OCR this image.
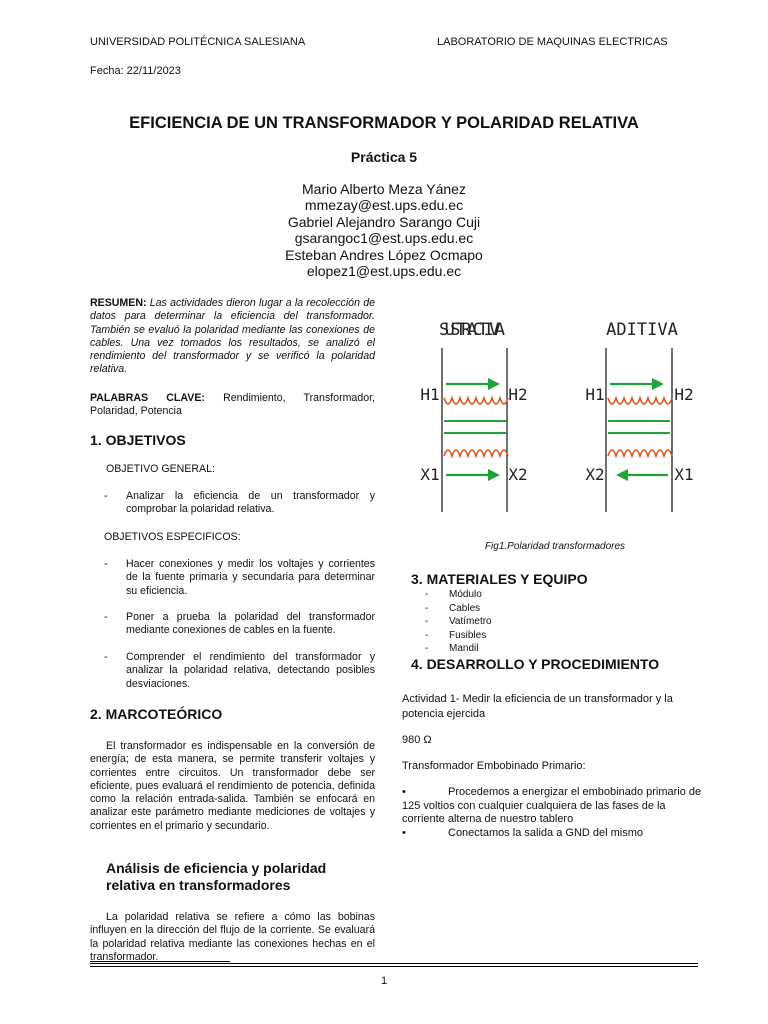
UNIVERSIDAD POLITÉCNICA SALESIANA	LABORATORIO DE MAQUINAS ELECTRICAS
Fecha: 22/11/2023
EFICIENCIA DE UN TRANSFORMADOR Y POLARIDAD RELATIVA
Práctica 5
Mario Alberto Meza Yánez
mmezay@est.ups.edu.ec
Gabriel Alejandro Sarango Cuji
gsarangoc1@est.ups.edu.ec
Esteban Andres López Ocmapo
elopez1@est.ups.edu.ec
RESUMEN: Las actividades dieron lugar a la recolección de datos para determinar la eficiencia del transformador. También se evaluó la polaridad mediante las conexiones de cables. Una vez tomados los resultados, se analizó el rendimiento del transformador y se verificó la polaridad relativa.
PALABRAS CLAVE: Rendimiento, Transformador, Polaridad, Potencia
1. OBJETIVOS
OBJETIVO GENERAL:
- Analizar la eficiencia de un transformador y comprobar la polaridad relativa.
OBJETIVOS ESPECIFICOS:
- Hacer conexiones y medir los voltajes y corrientes de la fuente primaria y secundaria para determinar su eficiencia.
- Poner a prueba la polaridad del transformador mediante conexiones de cables en la fuente.
- Comprender el rendimiento del transformador y analizar la polaridad relativa, detectando posibles desviaciones.
2. MARCOTEÓRICO
El transformador es indispensable en la conversión de energía; de esta manera, se permite transferir voltajes y corrientes entre circuitos. Un transformador debe ser eficiente, pues evaluará el rendimiento de potencia, definida como la relación entrada-salida. También se enfocará en analizar este parámetro mediante mediciones de voltajes y corrientes en el primario y secundario.
Análisis de eficiencia y polaridad relativa en transformadores
La polaridad relativa se refiere a cómo las bobinas influyen en la dirección del flujo de la corriente. Se evaluará la polaridad relativa mediante las conexiones hechas en el transformador.
SUSTRACTIVA	ADITIVA
H1	H2
X1	X2
H1	H2
X2	X1
Fig1.Polaridad transformadores
3. MATERIALES Y EQUIPO
- Módulo
- Cables
- Vatímetro
- Fusibles
- Mandil
4. DESARROLLO Y PROCEDIMIENTO
Actividad 1- Medir la eficiencia de un transformador y la potencia ejercida
980 Ω
Transformador Embobinado Primario:
•	Procedemos a energizar el embobinado primario de 125 voltios con cualquier cualquiera de las fases de la corriente alterna de nuestro tablero
•	Conectamos la salida a GND del mismo
1
